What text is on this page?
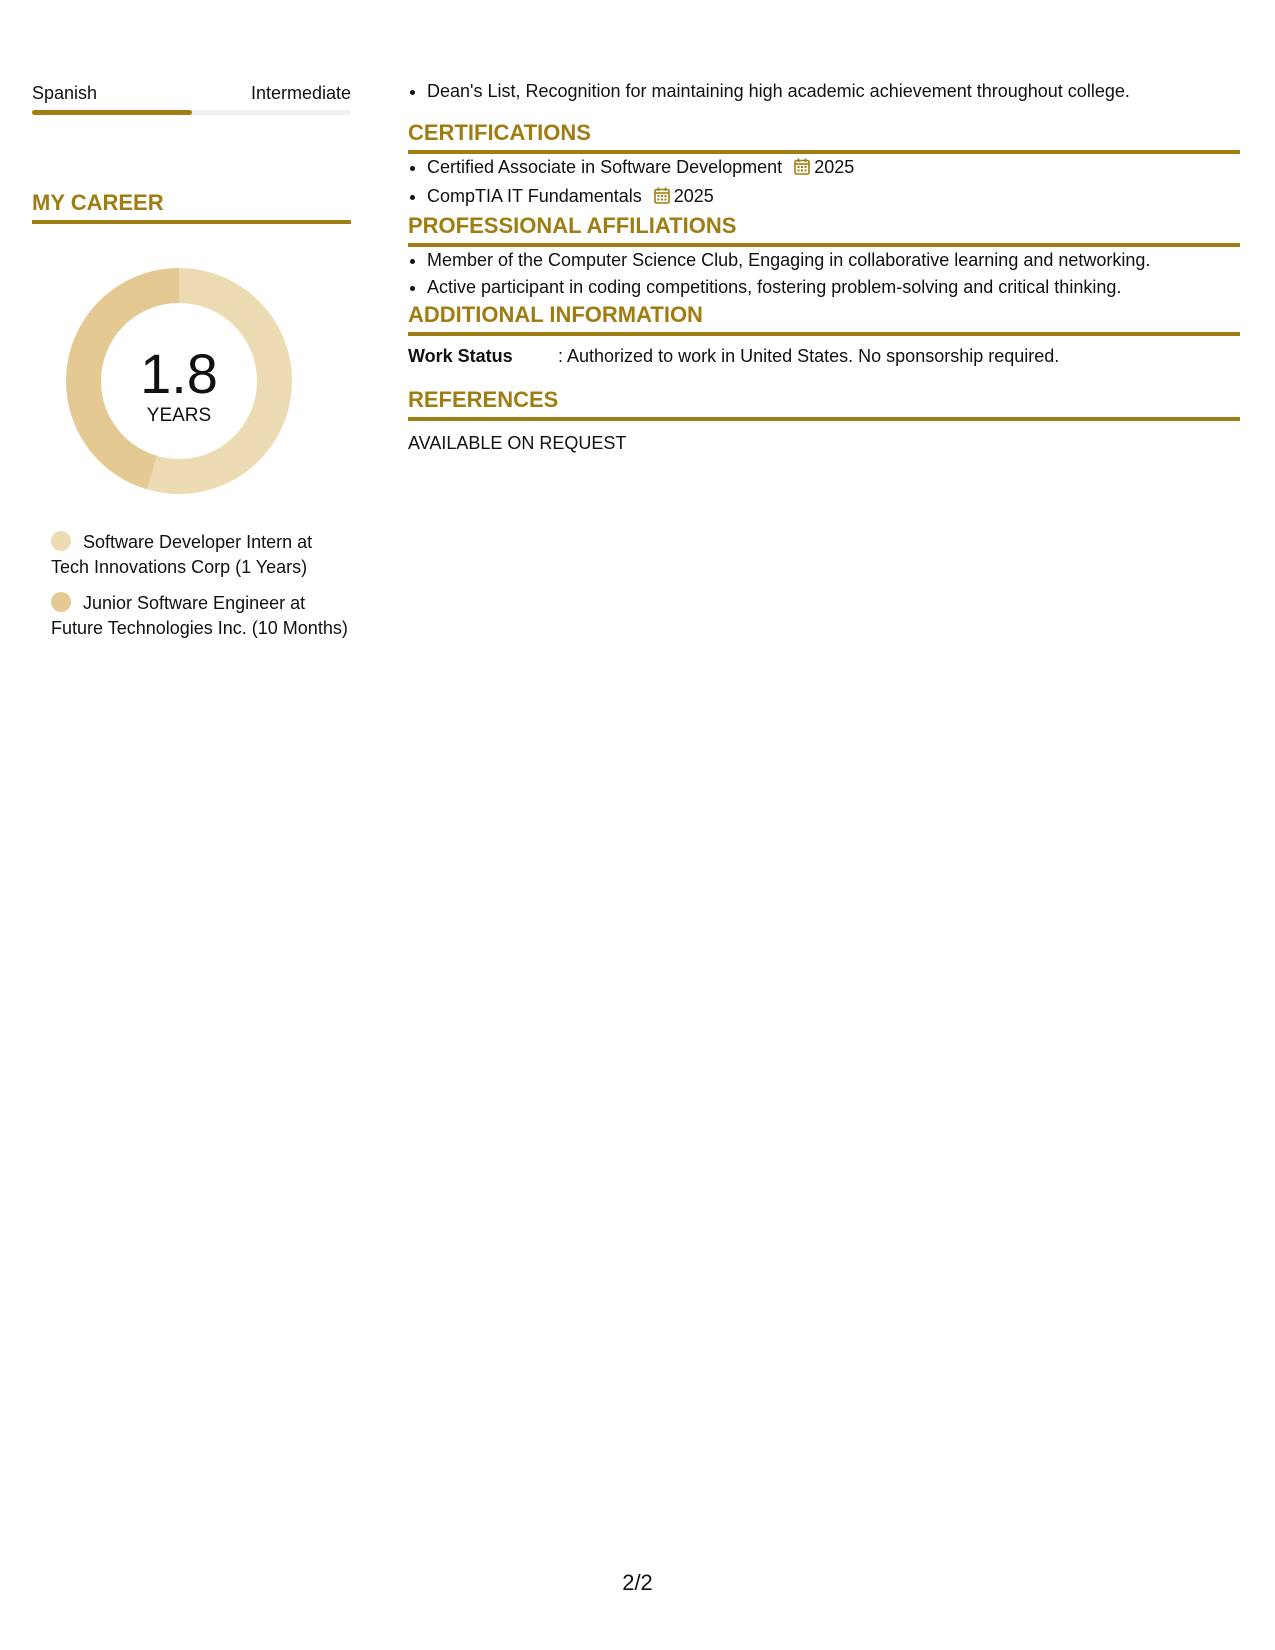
Spanish	Intermediate
MY CAREER
1.8
YEARS
Software Developer Intern at Tech Innovations Corp (1 Years)
Junior Software Engineer at Future Technologies Inc. (10 Months)
• Dean's List, Recognition for maintaining high academic achievement throughout college.
CERTIFICATIONS
• Certified Associate in Software Development 2025
• CompTIA IT Fundamentals 2025
PROFESSIONAL AFFILIATIONS
• Member of the Computer Science Club, Engaging in collaborative learning and networking.
• Active participant in coding competitions, fostering problem-solving and critical thinking.
ADDITIONAL INFORMATION
Work Status	: Authorized to work in United States. No sponsorship required.
REFERENCES
AVAILABLE ON REQUEST
2/2
